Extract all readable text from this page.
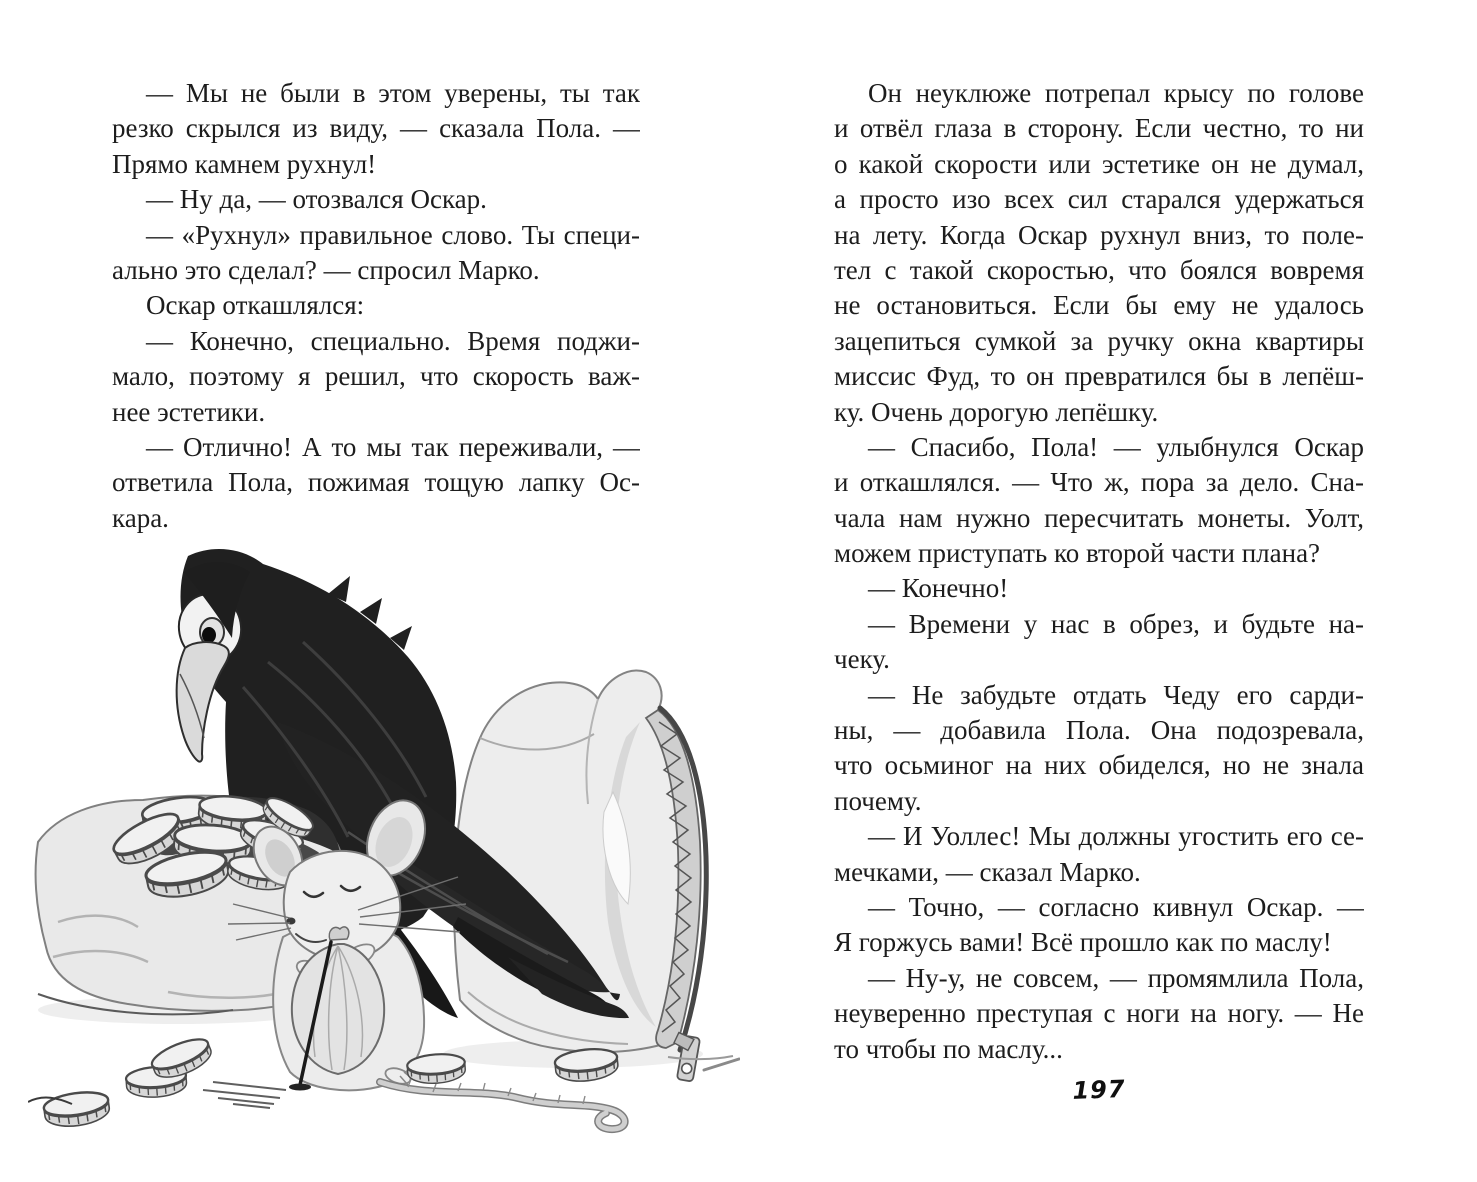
— Мы не были в этом уверены, ты так
резко скрылся из виду, — сказала Пола. —
Прямо камнем рухнул!
— Ну да, — отозвался Оскар.
— «Рухнул» правильное слово. Ты специ-
ально это сделал? — спросил Марко.
Оскар откашлялся:
— Конечно, специально. Время поджи-
мало, поэтому я решил, что скорость важ-
нее эстетики.
— Отлично! А то мы так переживали, —
ответила Пола, пожимая тощую лапку Ос-
кара.
Он неуклюже потрепал крысу по голове
и отвёл глаза в сторону. Если честно, то ни
о какой скорости или эстетике он не думал,
а просто изо всех сил старался удержаться
на лету. Когда Оскар рухнул вниз, то поле-
тел с такой скоростью, что боялся вовремя
не остановиться. Если бы ему не удалось
зацепиться сумкой за ручку окна квартиры
миссис Фуд, то он превратился бы в лепёш-
ку. Очень дорогую лепёшку.
— Спасибо, Пола! — улыбнулся Оскар
и откашлялся. — Что ж, пора за дело. Сна-
чала нам нужно пересчитать монеты. Уолт,
можем приступать ко второй части плана?
— Конечно!
— Времени у нас в обрез, и будьте на-
чеку.
— Не забудьте отдать Чеду его сарди-
ны, — добавила Пола. Она подозревала,
что осьминог на них обиделся, но не знала
почему.
— И Уоллес! Мы должны угостить его се-
мечками, — сказал Марко.
— Точно, — согласно кивнул Оскар. —
Я горжусь вами! Всё прошло как по маслу!
— Ну-у, не совсем, — промямлила Пола,
неуверенно преступая с ноги на ногу. — Не
то чтобы по маслу...
197
